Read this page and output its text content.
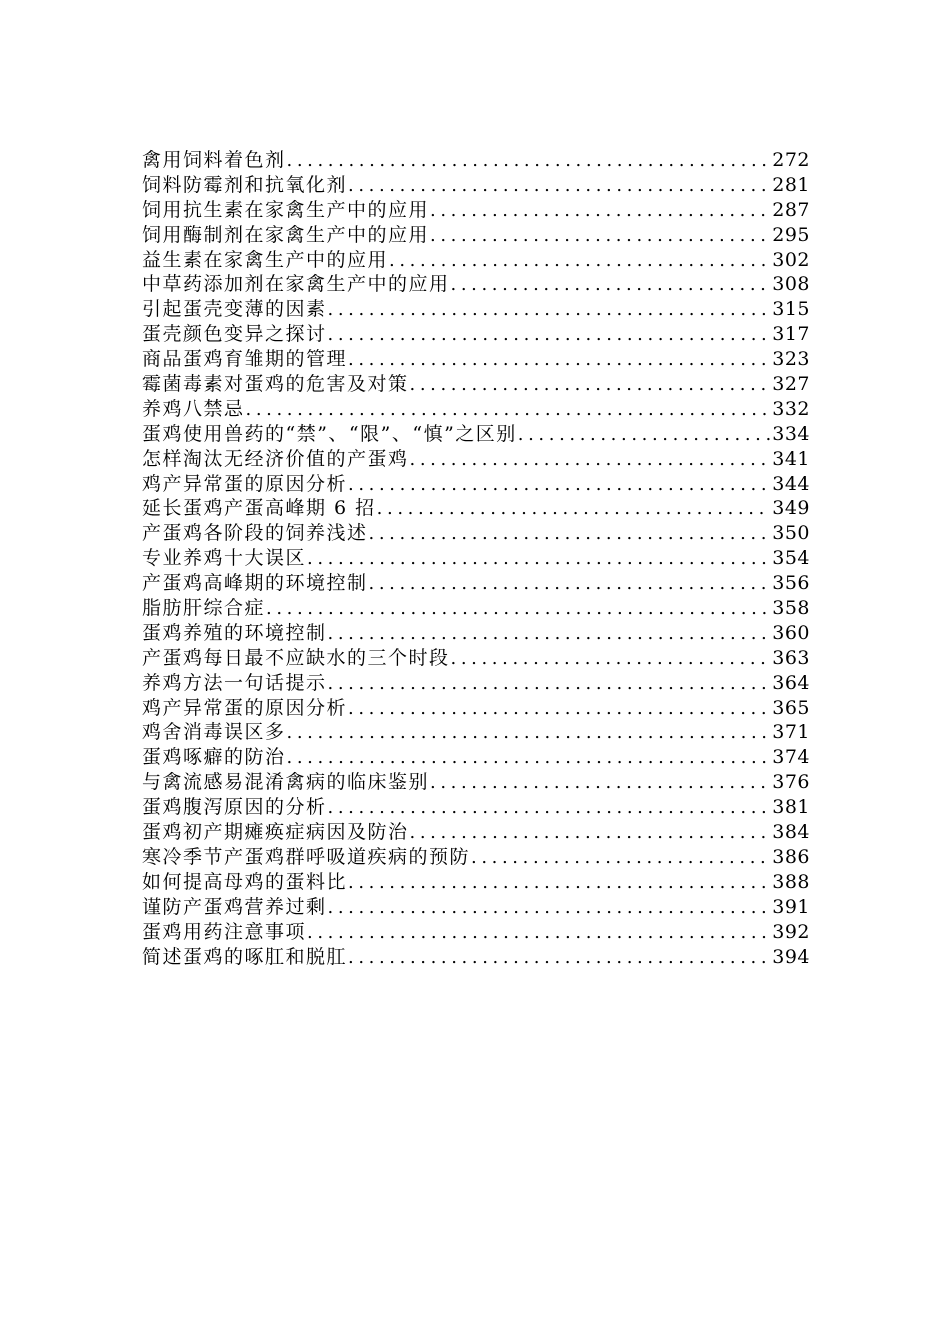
禽用饲料着色剂 .....	272
饲料防霉剂和抗氧化剂 .....	281
饲用抗生素在家禽生产中的应用 .....	287
饲用酶制剂在家禽生产中的应用 .....	295
益生素在家禽生产中的应用 .....	302
中草药添加剂在家禽生产中的应用 .....	308
引起蛋壳变薄的因素 .....	315
蛋壳颜色变异之探讨 .....	317
商品蛋鸡育雏期的管理 .....	323
霉菌毒素对蛋鸡的危害及对策 .....	327
养鸡八禁忌 .....	332
蛋鸡使用兽药的“禁”、“限”、“慎”之区别 .....	334
怎样淘汰无经济价值的产蛋鸡 .....	341
鸡产异常蛋的原因分析 .....	344
延长蛋鸡产蛋高峰期 6 招 .....	349
产蛋鸡各阶段的饲养浅述 .....	350
专业养鸡十大误区 .....	354
产蛋鸡高峰期的环境控制 .....	356
脂肪肝综合症 .....	358
蛋鸡养殖的环境控制 .....	360
产蛋鸡每日最不应缺水的三个时段 .....	363
养鸡方法一句话提示 .....	364
鸡产异常蛋的原因分析 .....	365
鸡舍消毒误区多 .....	371
蛋鸡啄癖的防治 .....	374
与禽流感易混淆禽病的临床鉴别 .....	376
蛋鸡腹泻原因的分析 .....	381
蛋鸡初产期瘫痪症病因及防治 .....	384
寒冷季节产蛋鸡群呼吸道疾病的预防 .....	386
如何提高母鸡的蛋料比 .....	388
谨防产蛋鸡营养过剩 .....	391
蛋鸡用药注意事项 .....	392
简述蛋鸡的啄肛和脱肛 .....	394
